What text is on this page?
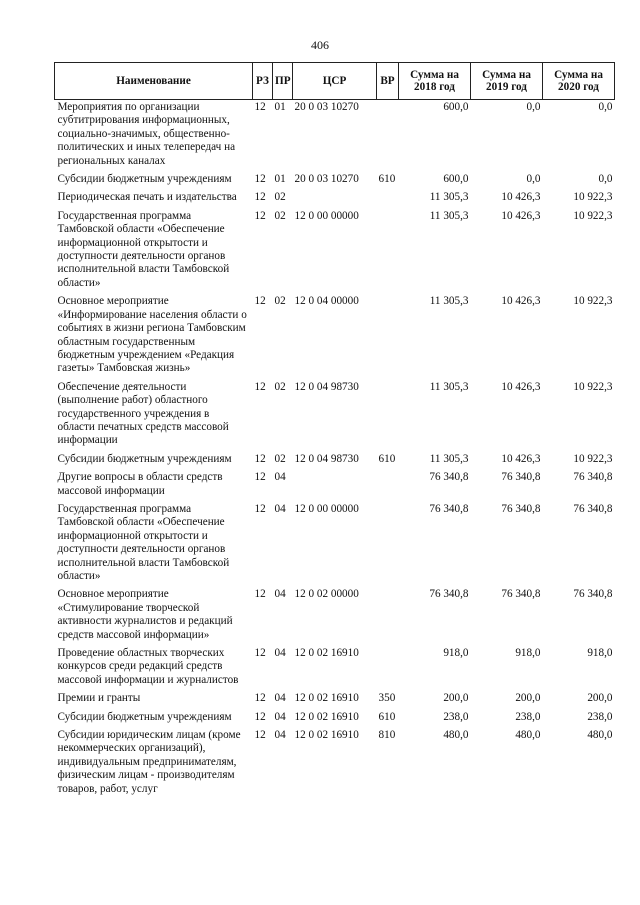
406
Наименование	РЗ	ПР	ЦСР	ВР	Сумма на 2018 год	Сумма на 2019 год	Сумма на 2020 год
Мероприятия по организации субтитрирования информационных, социально-значимых, общественно-политических и иных телепередач на региональных каналах	12	01	20 0 03 10270		600,0	0,0	0,0
Субсидии бюджетным учреждениям	12	01	20 0 03 10270	610	600,0	0,0	0,0
Периодическая печать и издательства	12	02			11 305,3	10 426,3	10 922,3
Государственная программа Тамбовской области «Обеспечение информационной открытости и доступности деятельности органов исполнительной власти Тамбовской области»	12	02	12 0 00 00000		11 305,3	10 426,3	10 922,3
Основное мероприятие «Информирование населения области о событиях в жизни региона Тамбовским областным государственным бюджетным учреждением «Редакция газеты» Тамбовская жизнь»	12	02	12 0 04 00000		11 305,3	10 426,3	10 922,3
Обеспечение деятельности (выполнение работ) областного государственного учреждения в области печатных средств массовой информации	12	02	12 0 04 98730		11 305,3	10 426,3	10 922,3
Субсидии бюджетным учреждениям	12	02	12 0 04 98730	610	11 305,3	10 426,3	10 922,3
Другие вопросы в области средств массовой информации	12	04			76 340,8	76 340,8	76 340,8
Государственная программа Тамбовской области «Обеспечение информационной открытости и доступности деятельности органов исполнительной власти Тамбовской области»	12	04	12 0 00 00000		76 340,8	76 340,8	76 340,8
Основное мероприятие «Стимулирование творческой активности журналистов и редакций средств массовой информации»	12	04	12 0 02 00000		76 340,8	76 340,8	76 340,8
Проведение областных творческих конкурсов среди редакций средств массовой информации и журналистов	12	04	12 0 02 16910		918,0	918,0	918,0
Премии и гранты	12	04	12 0 02 16910	350	200,0	200,0	200,0
Субсидии бюджетным учреждениям	12	04	12 0 02 16910	610	238,0	238,0	238,0
Субсидии юридическим лицам (кроме некоммерческих организаций), индивидуальным предпринимателям, физическим лицам - производителям товаров, работ, услуг	12	04	12 0 02 16910	810	480,0	480,0	480,0
